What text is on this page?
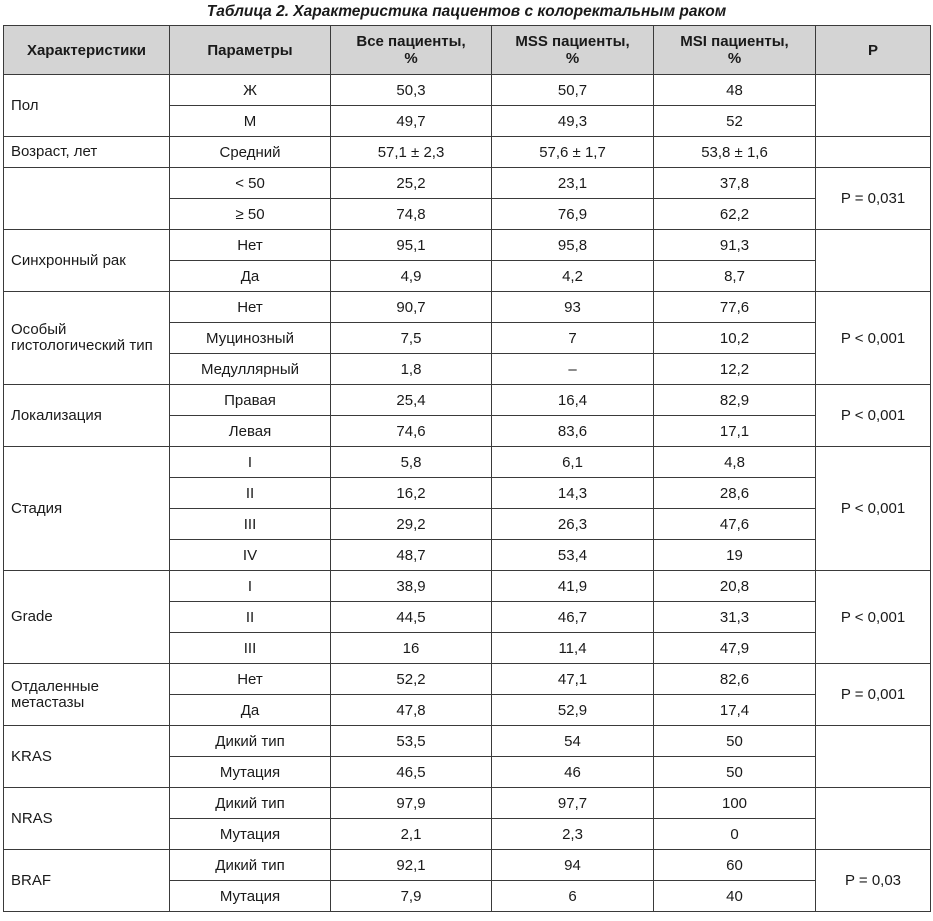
Таблица 2. Характеристика пациентов с колоректальным раком
Характеристики	Параметры	Все пациенты, %	MSS пациенты, %	MSI пациенты, %	P
Пол	Ж	50,3	50,7	48	
	М	49,7	49,3	52	
Возраст, лет	Средний	57,1 ± 2,3	57,6 ± 1,7	53,8 ± 1,6	
	< 50	25,2	23,1	37,8	P = 0,031
	≥ 50	74,8	76,9	62,2	
Синхронный рак	Нет	95,1	95,8	91,3	
	Да	4,9	4,2	8,7	
Особый гистологический тип	Нет	90,7	93	77,6	P < 0,001
	Муцинозный	7,5	7	10,2	
	Медуллярный	1,8	–	12,2	
Локализация	Правая	25,4	16,4	82,9	P < 0,001
	Левая	74,6	83,6	17,1	
Стадия	I	5,8	6,1	4,8	P < 0,001
	II	16,2	14,3	28,6	
	III	29,2	26,3	47,6	
	IV	48,7	53,4	19	
Grade	I	38,9	41,9	20,8	P < 0,001
	II	44,5	46,7	31,3	
	III	16	11,4	47,9	
Отдаленные метастазы	Нет	52,2	47,1	82,6	P = 0,001
	Да	47,8	52,9	17,4	
KRAS	Дикий тип	53,5	54	50	
	Мутация	46,5	46	50	
NRAS	Дикий тип	97,9	97,7	100	
	Мутация	2,1	2,3	0	
BRAF	Дикий тип	92,1	94	60	P = 0,03
	Мутация	7,9	6	40	
